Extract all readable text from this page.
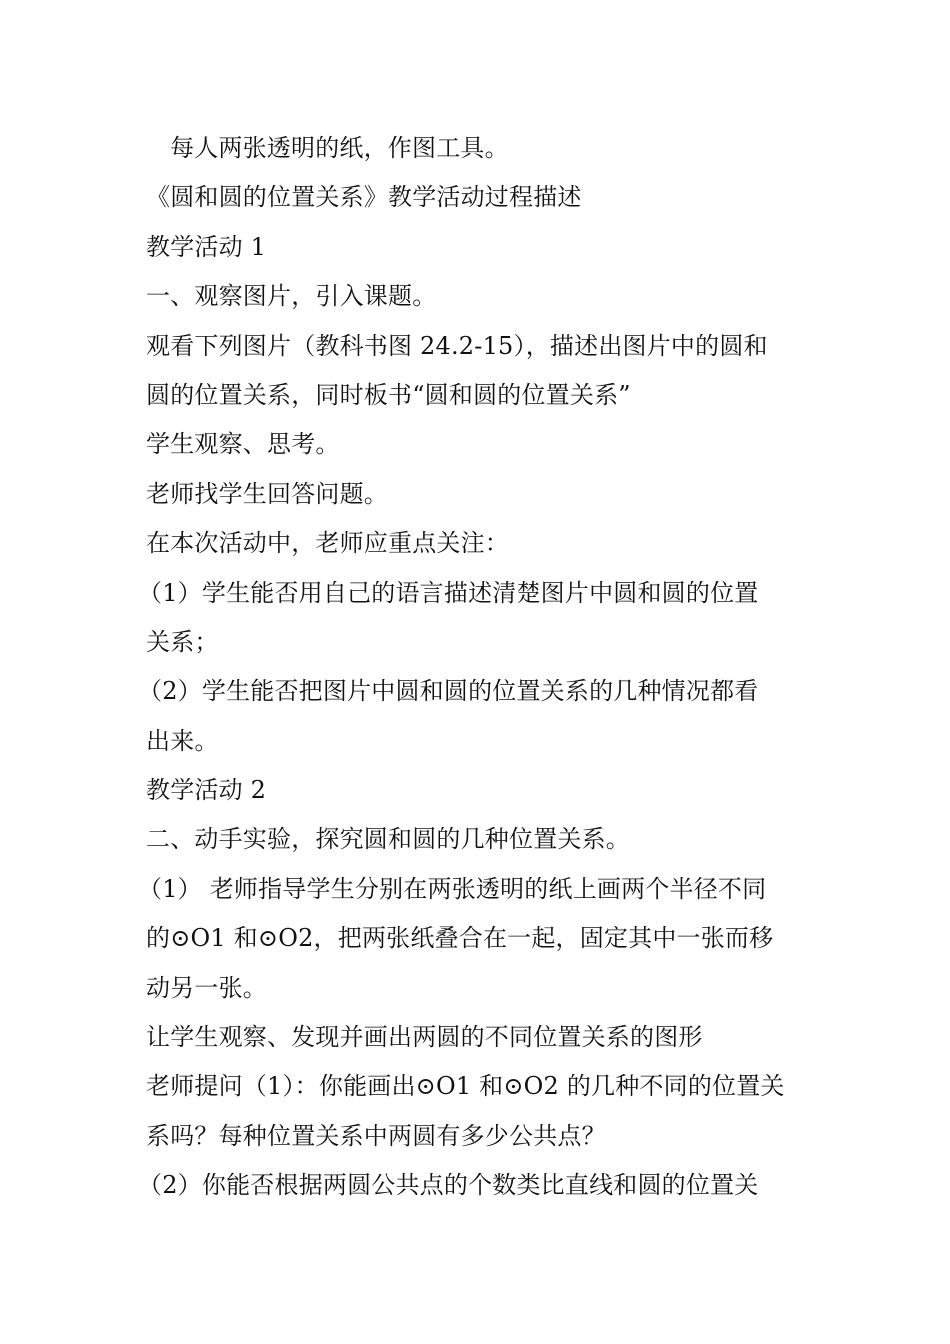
每人两张透明的纸，作图工具。
《圆和圆的位置关系》教学活动过程描述
教学活动 1
一、观察图片，引入课题。
观看下列图片（教科书图 24.2-15），描述出图片中的圆和
圆的位置关系，同时板书“圆和圆的位置关系”
学生观察、思考。
老师找学生回答问题。
在本次活动中，老师应重点关注：
（1）学生能否用自己的语言描述清楚图片中圆和圆的位置
关系；
（2）学生能否把图片中圆和圆的位置关系的几种情况都看
出来。
教学活动 2
二、动手实验，探究圆和圆的几种位置关系。
（1） 老师指导学生分别在两张透明的纸上画两个半径不同
的⊙O1 和⊙O2，把两张纸叠合在一起，固定其中一张而移
动另一张。
让学生观察、发现并画出两圆的不同位置关系的图形
老师提问（1）：你能画出⊙O1 和⊙O2 的几种不同的位置关
系吗？每种位置关系中两圆有多少公共点？
（2）你能否根据两圆公共点的个数类比直线和圆的位置关
